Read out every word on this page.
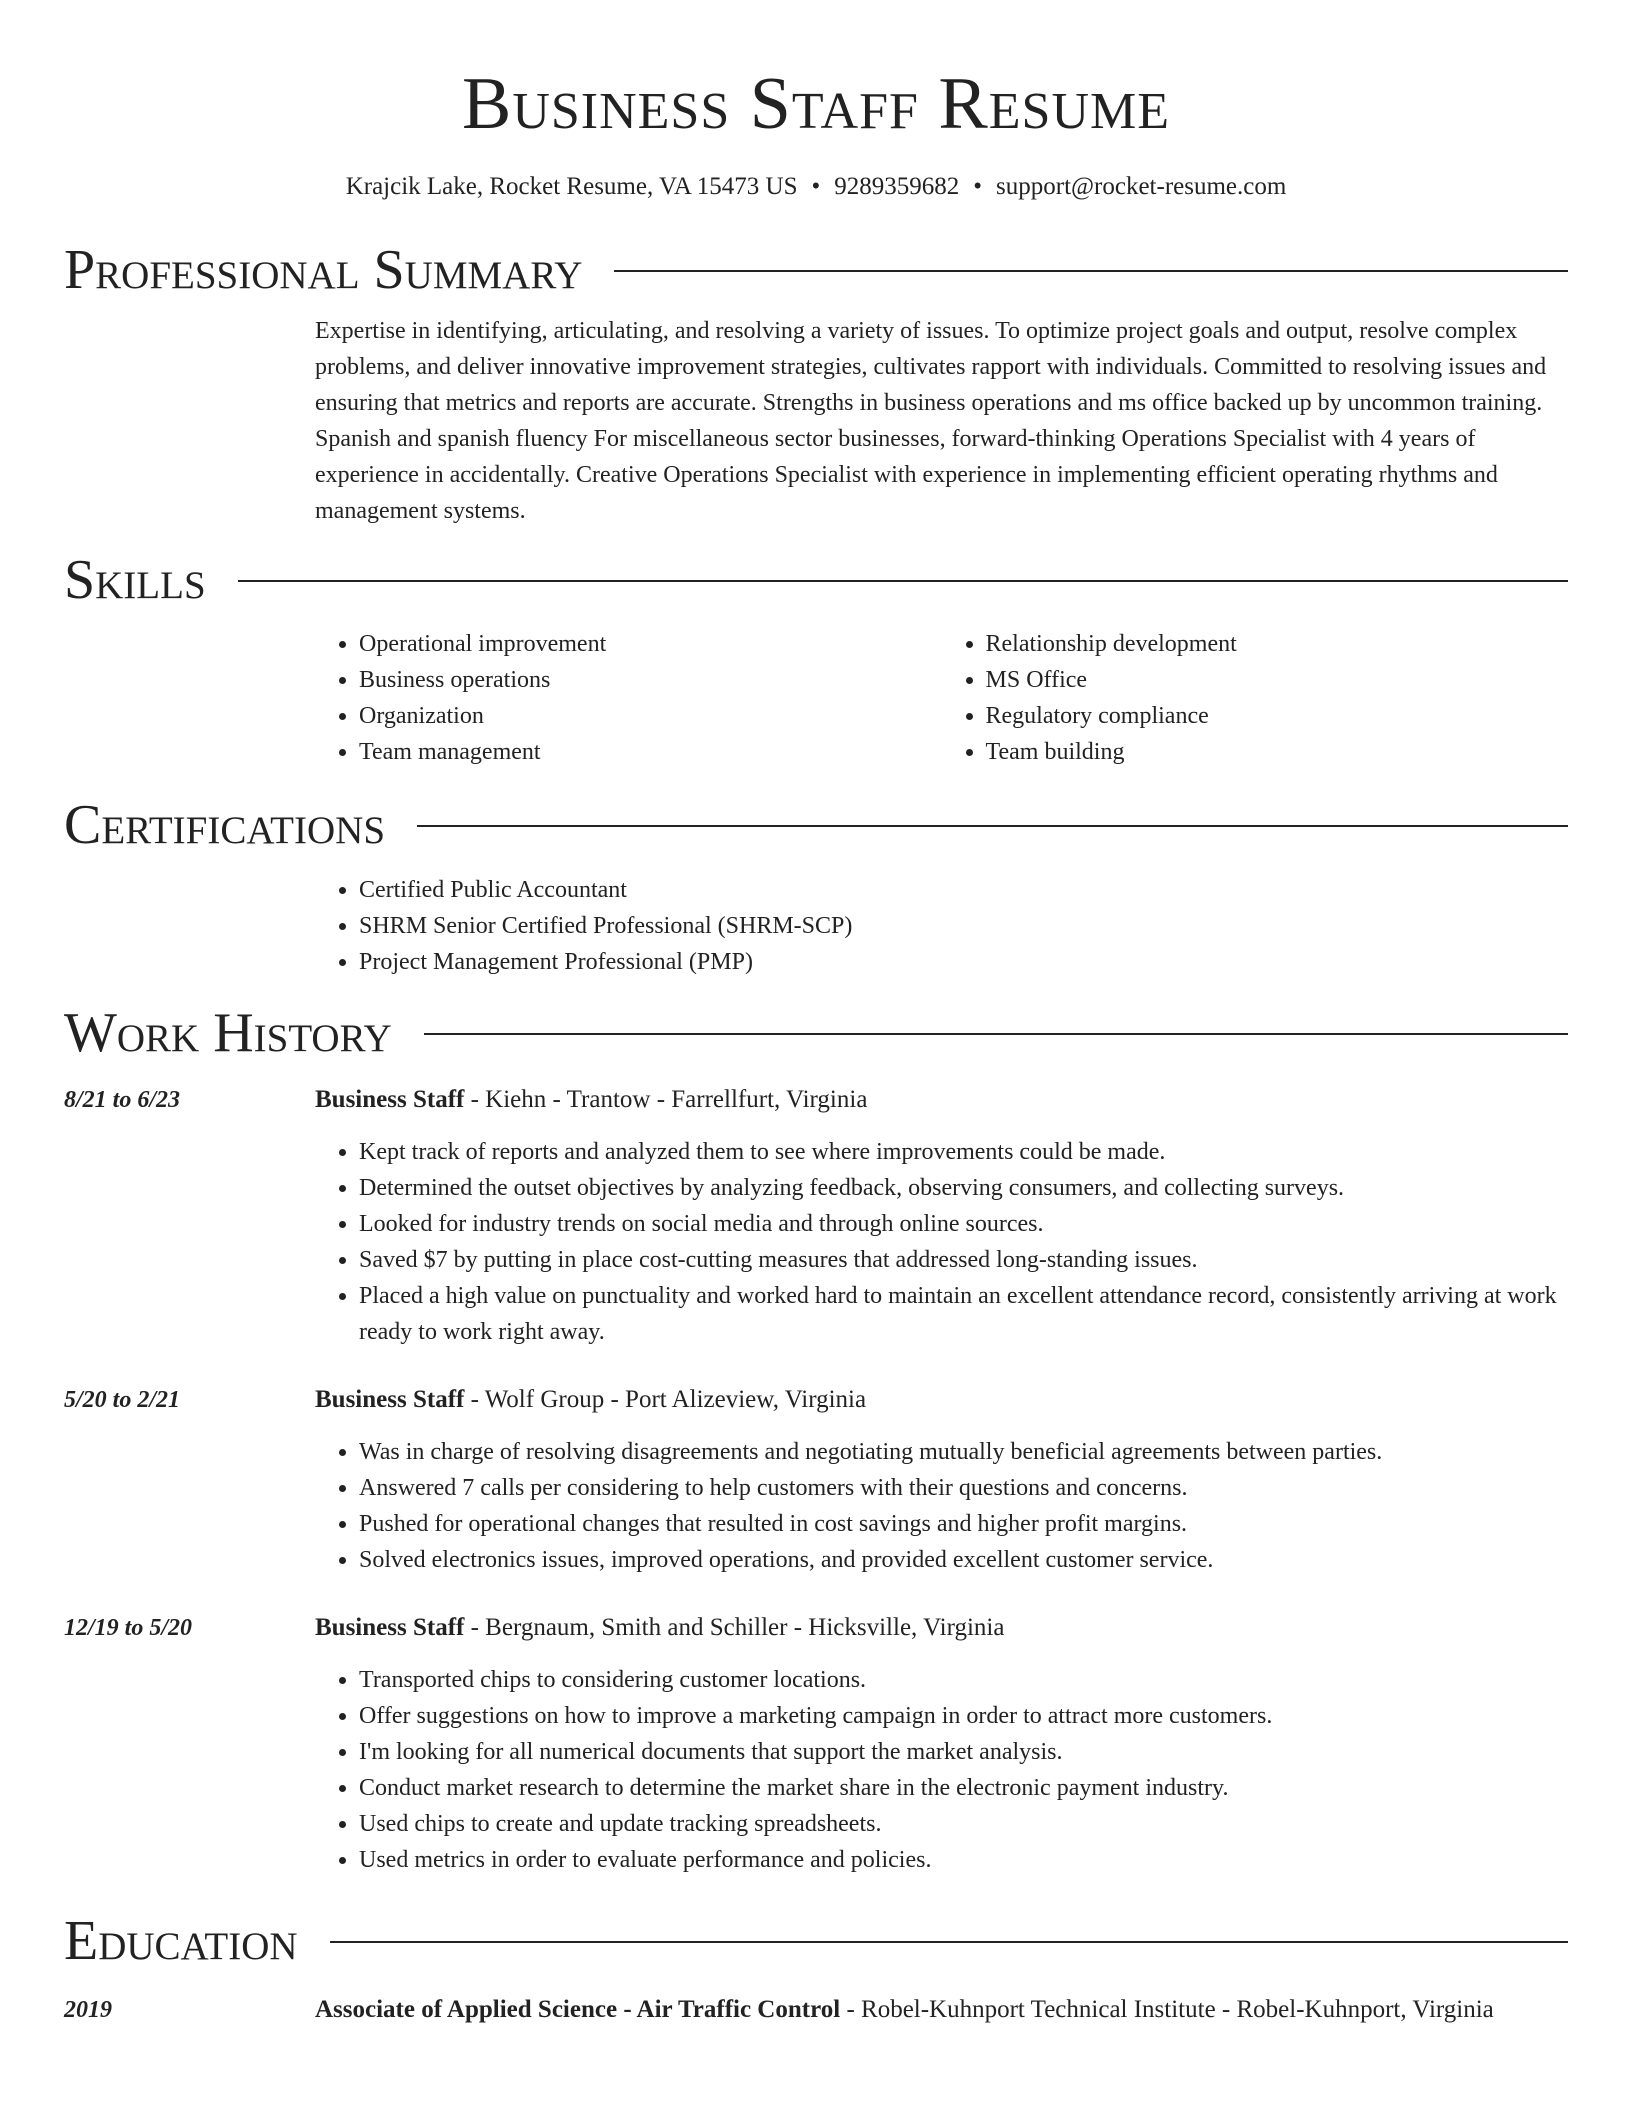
Business Staff Resume
Krajcik Lake, Rocket Resume, VA 15473 US • 9289359682 • support@rocket-resume.com
Professional Summary

Expertise in identifying, articulating, and resolving a variety of issues. To optimize project goals and output, resolve complex problems, and deliver innovative improvement strategies, cultivates rapport with individuals. Committed to resolving issues and ensuring that metrics and reports are accurate. Strengths in business operations and ms office backed up by uncommon training. Spanish and spanish fluency For miscellaneous sector businesses, forward-thinking Operations Specialist with 4 years of experience in accidentally. Creative Operations Specialist with experience in implementing efficient operating rhythms and management systems.

Skills
• Operational improvement
• Business operations
• Organization
• Team management
• Relationship development
• MS Office
• Regulatory compliance
• Team building
Certifications
• Certified Public Accountant
• SHRM Senior Certified Professional (SHRM-SCP)
• Project Management Professional (PMP)
Work History
8/21 to 6/23	Business Staff - Kiehn - Trantow - Farrellfurt, Virginia
• Kept track of reports and analyzed them to see where improvements could be made.
• Determined the outset objectives by analyzing feedback, observing consumers, and collecting surveys.
• Looked for industry trends on social media and through online sources.
• Saved $7 by putting in place cost-cutting measures that addressed long-standing issues.
• Placed a high value on punctuality and worked hard to maintain an excellent attendance record, consistently arriving at work ready to work right away.
5/20 to 2/21	Business Staff - Wolf Group - Port Alizeview, Virginia
• Was in charge of resolving disagreements and negotiating mutually beneficial agreements between parties.
• Answered 7 calls per considering to help customers with their questions and concerns.
• Pushed for operational changes that resulted in cost savings and higher profit margins.
• Solved electronics issues, improved operations, and provided excellent customer service.
12/19 to 5/20	Business Staff - Bergnaum, Smith and Schiller - Hicksville, Virginia
• Transported chips to considering customer locations.
• Offer suggestions on how to improve a marketing campaign in order to attract more customers.
• I'm looking for all numerical documents that support the market analysis.
• Conduct market research to determine the market share in the electronic payment industry.
• Used chips to create and update tracking spreadsheets.
• Used metrics in order to evaluate performance and policies.
Education
2019	Associate of Applied Science - Air Traffic Control - Robel-Kuhnport Technical Institute - Robel-Kuhnport, Virginia
